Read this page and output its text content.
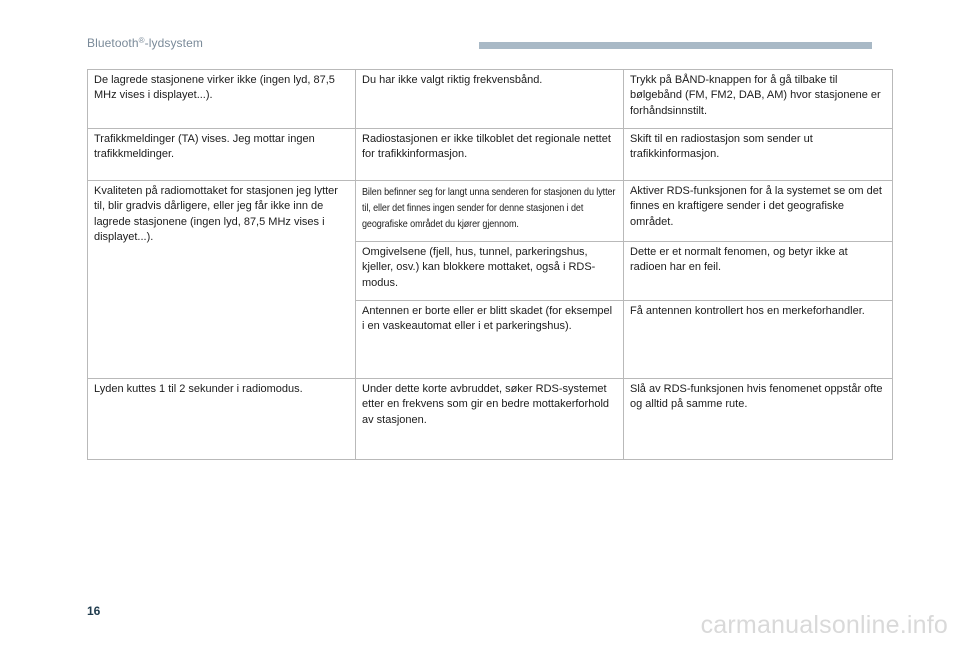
Bluetooth®-lydsystem
De lagrede stasjonene virker ikke (ingen lyd, 87,5 MHz vises i displayet...).	Du har ikke valgt riktig frekvensbånd.	Trykk på BÅND-knappen for å gå tilbake til bølgebånd (FM, FM2, DAB, AM) hvor stasjonene er forhåndsinnstilt.
Trafikkmeldinger (TA) vises. Jeg mottar ingen trafikkmeldinger.	Radiostasjonen er ikke tilkoblet det regionale nettet for trafikkinformasjon.	Skift til en radiostasjon som sender ut trafikkinformasjon.
Kvaliteten på radiomottaket for stasjonen jeg lytter til, blir gradvis dårligere, eller jeg får ikke inn de lagrede stasjonene (ingen lyd, 87,5 MHz vises i displayet...).	Bilen befinner seg for langt unna senderen for stasjonen du lytter til, eller det finnes ingen sender for denne stasjonen i det geografiske området du kjører gjennom.	Aktiver RDS-funksjonen for å la systemet se om det finnes en kraftigere sender i det geografiske området.
	Omgivelsene (fjell, hus, tunnel, parkeringshus, kjeller, osv.) kan blokkere mottaket, også i RDS-modus.	Dette er et normalt fenomen, og betyr ikke at radioen har en feil.
	Antennen er borte eller er blitt skadet (for eksempel i en vaskeautomat eller i et parkeringshus).	Få antennen kontrollert hos en merkeforhandler.
Lyden kuttes 1 til 2 sekunder i radiomodus.	Under dette korte avbruddet, søker RDS-systemet etter en frekvens som gir en bedre mottakerforhold av stasjonen.	Slå av RDS-funksjonen hvis fenomenet oppstår ofte og alltid på samme rute.
16	carmanualsonline.info
